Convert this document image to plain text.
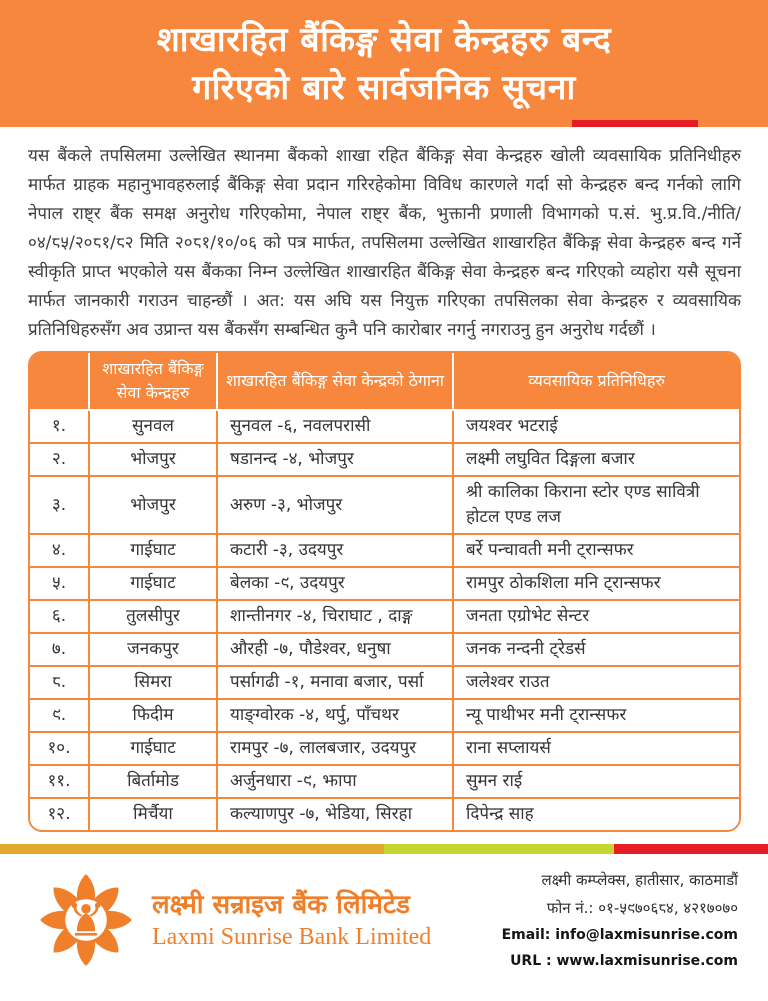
शाखारहित बैंकिङ्ग सेवा केन्द्रहरु बन्द
गरिएको बारे सार्वजनिक सूचना

यस बैंकले तपसिलमा उल्लेखित स्थानमा बैंकको शाखा रहित बैंकिङ्ग सेवा केन्द्रहरु खोली व्यवसायिक प्रतिनिधीहरु मार्फत ग्राहक महानुभावहरुलाई बैंकिङ्ग सेवा प्रदान गरिरहेकोमा विविध कारणले गर्दा सो केन्द्रहरु बन्द गर्नको लागि नेपाल राष्ट्र बैंक समक्ष अनुरोध गरिएकोमा, नेपाल राष्ट्र बैंक, भुक्तानी प्रणाली विभागको प.सं. भु.प्र.वि./नीति/०४/८५/२०८१/८२ मिति २०८१/१०/०६ को पत्र मार्फत, तपसिलमा उल्लेखित शाखारहित बैंकिङ्ग सेवा केन्द्रहरु बन्द गर्ने स्वीकृति प्राप्त भएकोले यस बैंकका निम्न उल्लेखित शाखारहित बैंकिङ्ग सेवा केन्द्रहरु बन्द गरिएको व्यहोरा यसै सूचना मार्फत जानकारी गराउन चाहन्छौं । अत: यस अघि यस नियुक्त गरिएका तपसिलका सेवा केन्द्रहरु र व्यवसायिक प्रतिनिधिहरुसँग अव उप्रान्त यस बैंकसँग सम्बन्धित कुनै पनि कारोबार नगर्नु नगराउनु हुन अनुरोध गर्दछौं ।

	शाखारहित बैंकिङ्ग सेवा केन्द्रहरु	शाखारहित बैंकिङ्ग सेवा केन्द्रको ठेगाना	व्यवसायिक प्रतिनिधिहरु
१.	सुनवल	सुनवल -६, नवलपरासी	जयश्वर भटराई
२.	भोजपुर	षडानन्द -४, भोजपुर	लक्ष्मी लघुवित दिङ्गला बजार
३.	भोजपुर	अरुण -३, भोजपुर	श्री कालिका किराना स्टोर एण्ड सावित्री होटल एण्ड लज
४.	गाईघाट	कटारी -३, उदयपुर	बर्रे पन्चावती मनी ट्रान्सफर
५.	गाईघाट	बेलका -९, उदयपुर	रामपुर ठोकशिला मनि ट्रान्सफर
६.	तुलसीपुर	शान्तीनगर -४, चिराघाट , दाङ्ग	जनता एग्रोभेट सेन्टर
७.	जनकपुर	औरही -७, पौडेश्वर, धनुषा	जनक नन्दनी ट्रेडर्स
८.	सिमरा	पर्सागढी -१, मनावा बजार, पर्सा	जलेश्वर राउत
९.	फिदीम	याङ्ग्वोरक -४, थर्पु, पाँचथर	न्यू पाथीभर मनी ट्रान्सफर
१०.	गाईघाट	रामपुर -७, लालबजार, उदयपुर	राना सप्लायर्स
११.	बिर्तामोड	अर्जुनधारा -९, झापा	सुमन राई
१२.	मिर्चैया	कल्याणपुर -७, भेडिया, सिरहा	दिपेन्द्र साह
लक्ष्मी सन्राइज बैंक लिमिटेड
Laxmi Sunrise Bank Limited
लक्ष्मी कम्प्लेक्स, हातीसार, काठमाडौं
फोन नं.: ०१-५९७०६८४, ४२१७०७०
Email: info@laxmisunrise.com
URL : www.laxmisunrise.com
